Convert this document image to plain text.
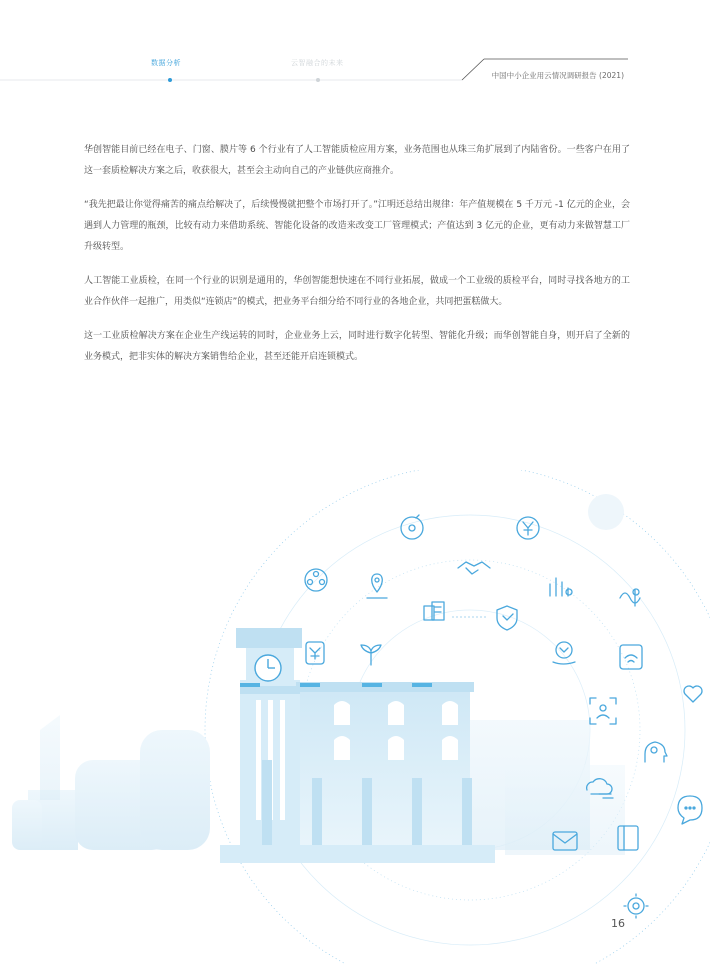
数据分析	云智融合的未来
中国中小企业用云情况调研报告 (2021)

华创智能目前已经在电子、门窗、膜片等 6 个行业有了人工智能质检应用方案，业务范围也从珠三角扩展到了内陆省份。一些客户在用了这一套质检解决方案之后，收获很大，甚至会主动向自己的产业链供应商推介。

“我先把最让你觉得痛苦的痛点给解决了，后续慢慢就把整个市场打开了。”江明还总结出规律：年产值规模在 5 千万元 -1 亿元的企业，会遇到人力管理的瓶颈，比较有动力来借助系统、智能化设备的改造来改变工厂管理模式；产值达到 3 亿元的企业，更有动力来做智慧工厂升级转型。

人工智能工业质检，在同一个行业的识别是通用的，华创智能想快速在不同行业拓展，做成一个工业级的质检平台，同时寻找各地方的工业合作伙伴一起推广，用类似“连锁店”的模式，把业务平台细分给不同行业的各地企业，共同把蛋糕做大。

这一工业质检解决方案在企业生产线运转的同时，企业业务上云，同时进行数字化转型、智能化升级；而华创智能自身，则开启了全新的业务模式，把非实体的解决方案销售给企业，甚至还能开启连锁模式。

16
